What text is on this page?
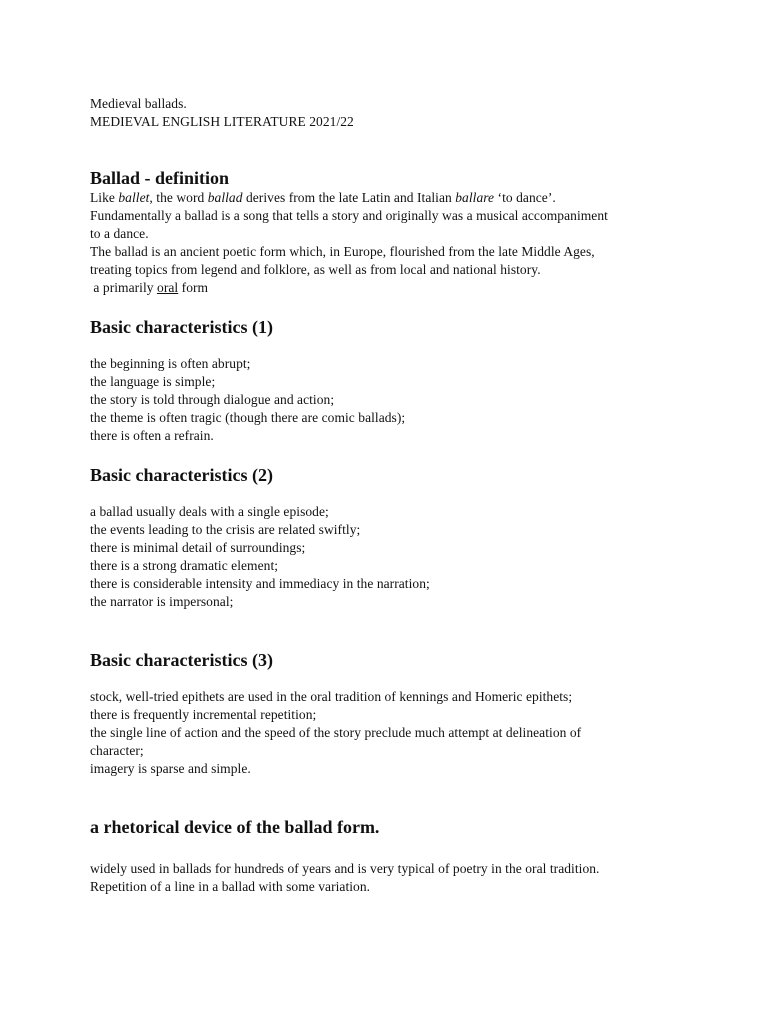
Medieval ballads.
MEDIEVAL ENGLISH LITERATURE 2021/22
Ballad - definition
Like ballet, the word ballad derives from the late Latin and Italian ballare ‘to dance’.
Fundamentally a ballad is a song that tells a story and originally was a musical accompaniment
to a dance.
The ballad is an ancient poetic form which, in Europe, flourished from the late Middle Ages,
treating topics from legend and folklore, as well as from local and national history.
a primarily oral form
Basic characteristics (1)
the beginning is often abrupt;
the language is simple;
the story is told through dialogue and action;
the theme is often tragic (though there are comic ballads);
there is often a refrain.
Basic characteristics (2)
a ballad usually deals with a single episode;
the events leading to the crisis are related swiftly;
there is minimal detail of surroundings;
there is a strong dramatic element;
there is considerable intensity and immediacy in the narration;
the narrator is impersonal;
Basic characteristics (3)
stock, well-tried epithets are used in the oral tradition of kennings and Homeric epithets;
there is frequently incremental repetition;
the single line of action and the speed of the story preclude much attempt at delineation of
character;
imagery is sparse and simple.
a rhetorical device of the ballad form.
widely used in ballads for hundreds of years and is very typical of poetry in the oral tradition.
Repetition of a line in a ballad with some variation.
